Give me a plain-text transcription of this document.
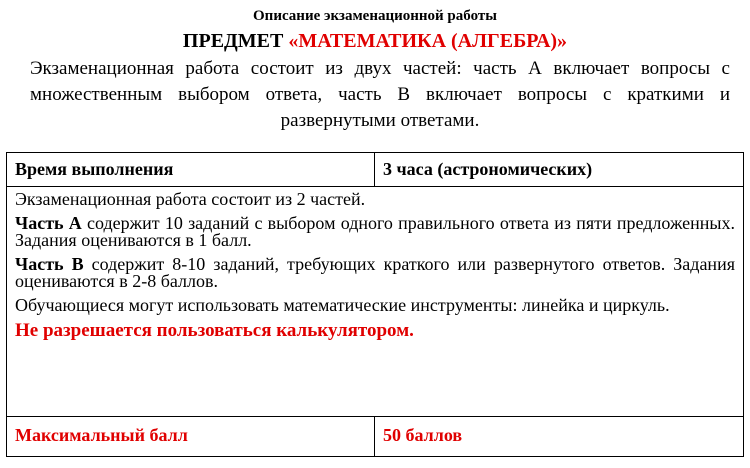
Описание экзаменационной работы
ПРЕДМЕТ «МАТЕМАТИКА (АЛГЕБРА)»
Экзаменационная работа состоит из двух частей: часть А включает вопросы с множественным выбором ответа, часть В включает вопросы с краткими и развернутыми ответами.
Время выполнения	3 часа (астрономических)

Экзаменационная работа состоит из 2 частей.

Часть А содержит 10 заданий с выбором одного правильного ответа из пяти предложенных. Задания оцениваются в 1 балл.

Часть В содержит 8-10 заданий, требующих краткого или развернутого ответов. Задания оцениваются в 2-8 баллов.

Обучающиеся могут использовать математические инструменты: линейка и циркуль.

Не разрешается пользоваться калькулятором.	

Максимальный балл	50 баллов
